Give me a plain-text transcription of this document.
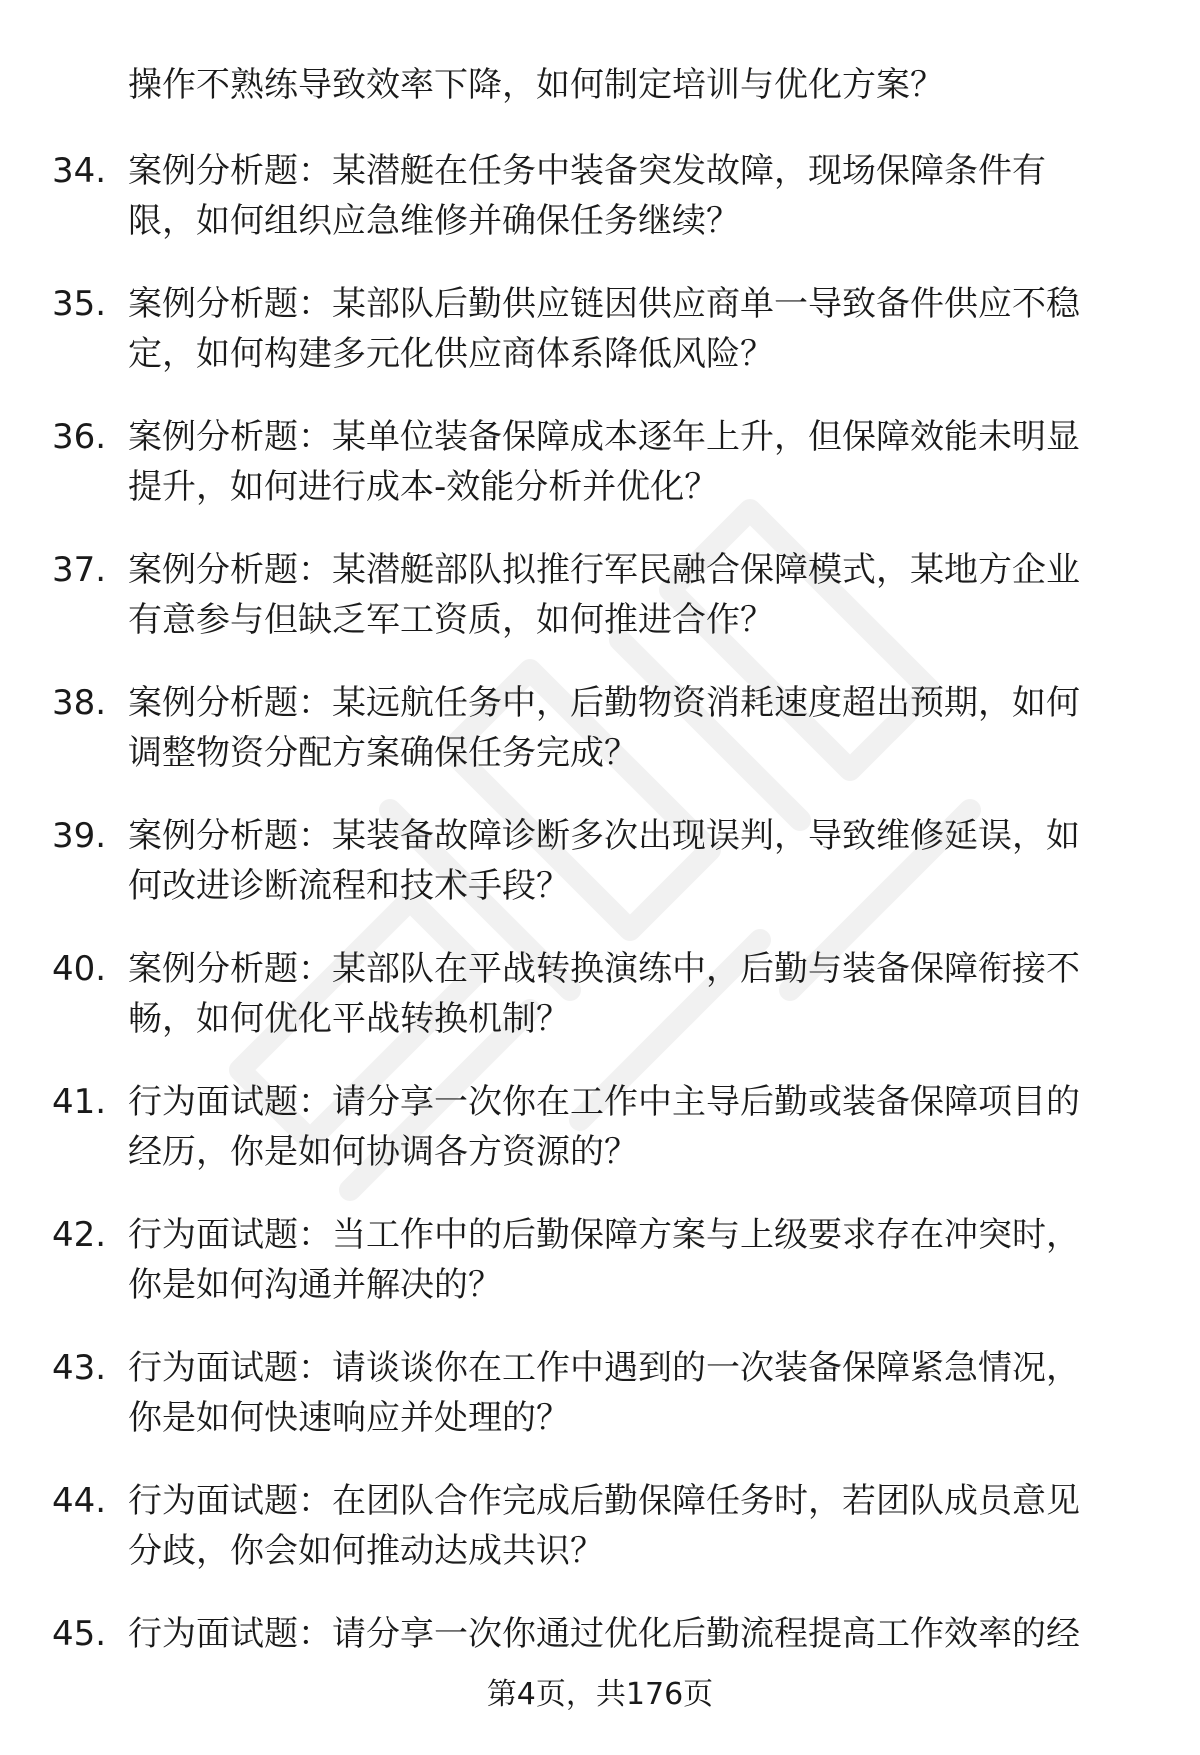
操作不熟练导致效率下降，如何制定培训与优化方案？
34. 案例分析题：某潜艇在任务中装备突发故障，现场保障条件有
限，如何组织应急维修并确保任务继续？
35. 案例分析题：某部队后勤供应链因供应商单一导致备件供应不稳
定，如何构建多元化供应商体系降低风险？
36. 案例分析题：某单位装备保障成本逐年上升，但保障效能未明显
提升，如何进行成本-效能分析并优化？
37. 案例分析题：某潜艇部队拟推行军民融合保障模式，某地方企业
有意参与但缺乏军工资质，如何推进合作？
38. 案例分析题：某远航任务中，后勤物资消耗速度超出预期，如何
调整物资分配方案确保任务完成？
39. 案例分析题：某装备故障诊断多次出现误判，导致维修延误，如
何改进诊断流程和技术手段？
40. 案例分析题：某部队在平战转换演练中，后勤与装备保障衔接不
畅，如何优化平战转换机制？
41. 行为面试题：请分享一次你在工作中主导后勤或装备保障项目的
经历，你是如何协调各方资源的？
42. 行为面试题：当工作中的后勤保障方案与上级要求存在冲突时，
你是如何沟通并解决的？
43. 行为面试题：请谈谈你在工作中遇到的一次装备保障紧急情况，
你是如何快速响应并处理的？
44. 行为面试题：在团队合作完成后勤保障任务时，若团队成员意见
分歧，你会如何推动达成共识？
45. 行为面试题：请分享一次你通过优化后勤流程提高工作效率的经
第4页，共176页
